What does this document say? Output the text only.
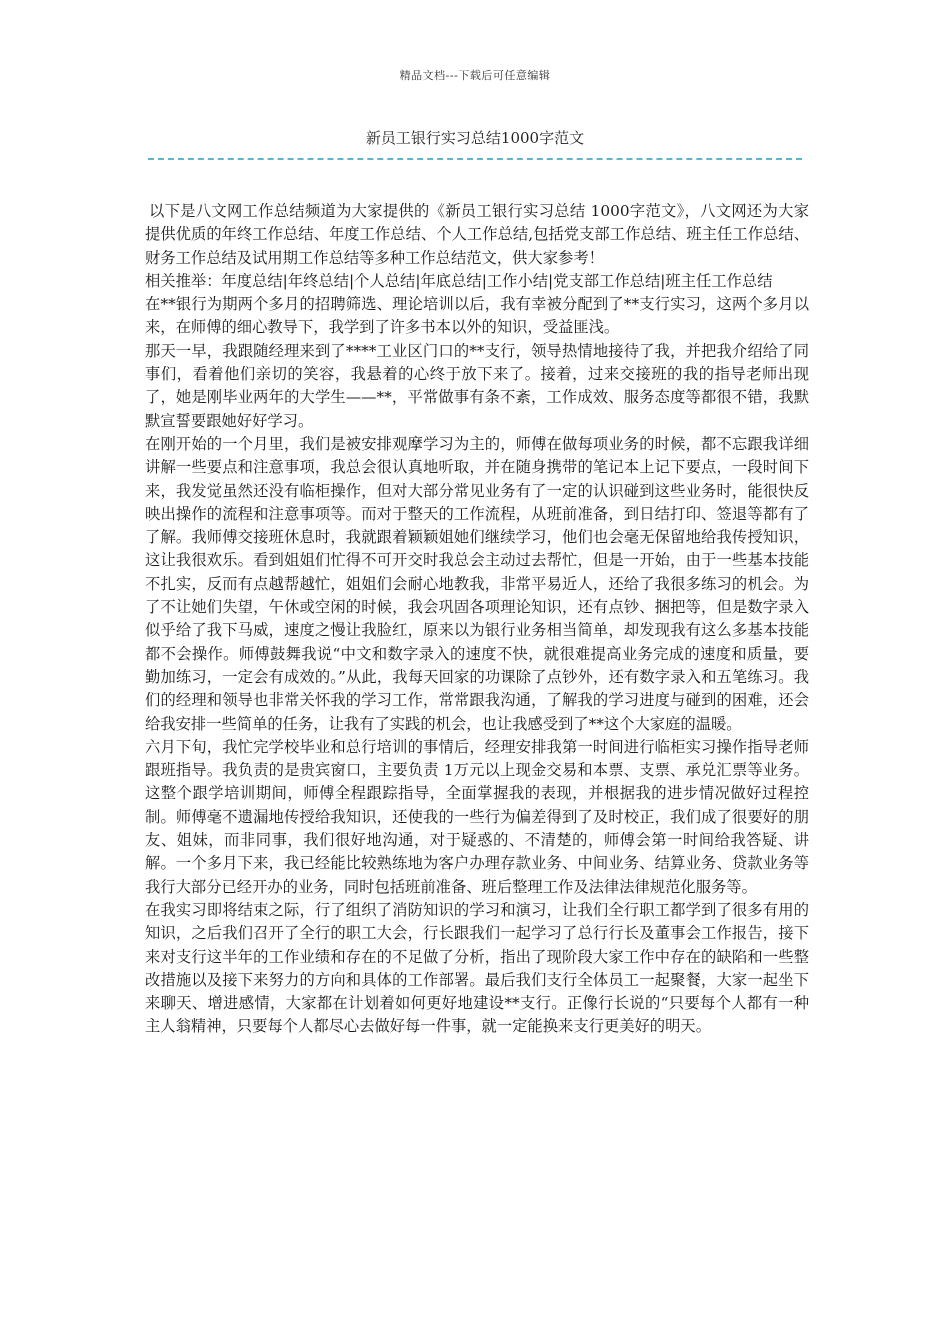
精品文档---下载后可任意编辑
新员工银行实习总结1000字范文

以下是八文网工作总结频道为大家提供的《新员工银行实习总结 1000字范文》，八文网还为大家提供优质的年终工作总结、年度工作总结、个人工作总结,包括党支部工作总结、班主任工作总结、财务工作总结及试用期工作总结等多种工作总结范文，供大家参考！

相关推举：年度总结|年终总结|个人总结|年底总结|工作小结|党支部工作总结|班主任工作总结

在**银行为期两个多月的招聘筛选、理论培训以后，我有幸被分配到了**支行实习，这两个多月以来，在师傅的细心教导下，我学到了许多书本以外的知识，受益匪浅。

那天一早，我跟随经理来到了****工业区门口的**支行，领导热情地接待了我，并把我介绍给了同事们，看着他们亲切的笑容，我悬着的心终于放下来了。接着，过来交接班的我的指导老师出现了，她是刚毕业两年的大学生——**，平常做事有条不紊，工作成效、服务态度等都很不错，我默默宣誓要跟她好好学习。

在刚开始的一个月里，我们是被安排观摩学习为主的，师傅在做每项业务的时候，都不忘跟我详细讲解一些要点和注意事项，我总会很认真地听取，并在随身携带的笔记本上记下要点，一段时间下来，我发觉虽然还没有临柜操作，但对大部分常见业务有了一定的认识碰到这些业务时，能很快反映出操作的流程和注意事项等。而对于整天的工作流程，从班前准备，到日结打印、签退等都有了了解。我师傅交接班休息时，我就跟着颖颖姐她们继续学习，他们也会毫无保留地给我传授知识，这让我很欢乐。看到姐姐们忙得不可开交时我总会主动过去帮忙，但是一开始，由于一些基本技能不扎实，反而有点越帮越忙，姐姐们会耐心地教我，非常平易近人，还给了我很多练习的机会。为了不让她们失望，午休或空闲的时候，我会巩固各项理论知识，还有点钞、捆把等，但是数字录入似乎给了我下马威，速度之慢让我脸红，原来以为银行业务相当简单，却发现我有这么多基本技能都不会操作。师傅鼓舞我说“中文和数字录入的速度不快，就很难提高业务完成的速度和质量，要勤加练习，一定会有成效的。”从此，我每天回家的功课除了点钞外，还有数字录入和五笔练习。我们的经理和领导也非常关怀我的学习工作，常常跟我沟通，了解我的学习进度与碰到的困难，还会给我安排一些简单的任务，让我有了实践的机会，也让我感受到了**这个大家庭的温暖。

六月下旬，我忙完学校毕业和总行培训的事情后，经理安排我第一时间进行临柜实习操作指导老师跟班指导。我负责的是贵宾窗口，主要负责 1万元以上现金交易和本票、支票、承兑汇票等业务。这整个跟学培训期间，师傅全程跟踪指导，全面掌握我的表现，并根据我的进步情况做好过程控制。师傅毫不遗漏地传授给我知识，还使我的一些行为偏差得到了及时校正，我们成了很要好的朋友、姐妹，而非同事，我们很好地沟通，对于疑惑的、不清楚的，师傅会第一时间给我答疑、讲解。一个多月下来，我已经能比较熟练地为客户办理存款业务、中间业务、结算业务、贷款业务等我行大部分已经开办的业务，同时包括班前准备、班后整理工作及法律法律规范化服务等。

在我实习即将结束之际，行了组织了消防知识的学习和演习，让我们全行职工都学到了很多有用的知识，之后我们召开了全行的职工大会，行长跟我们一起学习了总行行长及董事会工作报告，接下来对支行这半年的工作业绩和存在的不足做了分析，指出了现阶段大家工作中存在的缺陷和一些整改措施以及接下来努力的方向和具体的工作部署。最后我们支行全体员工一起聚餐，大家一起坐下来聊天、增进感情，大家都在计划着如何更好地建设**支行。正像行长说的“只要每个人都有一种主人翁精神，只要每个人都尽心去做好每一件事，就一定能换来支行更美好的明天。
